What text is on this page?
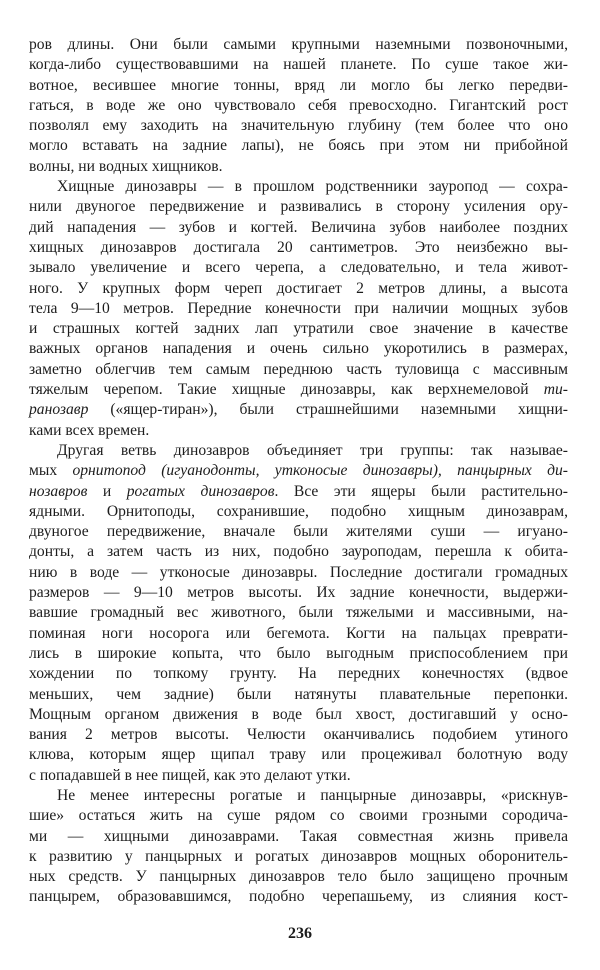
ров длины. Они были самыми крупными наземными позвоночными,
когда-либо существовавшими на нашей планете. По суше такое жи-
вотное, весившее многие тонны, вряд ли могло бы легко передви-
гаться, в воде же оно чувствовало себя превосходно. Гигантский рост
позволял ему заходить на значительную глубину (тем более что оно
могло вставать на задние лапы), не боясь при этом ни прибойной
волны, ни водных хищников.
Хищные динозавры — в прошлом родственники зауропод — сохра-
нили двуногое передвижение и развивались в сторону усиления ору-
дий нападения — зубов и когтей. Величина зубов наиболее поздних
хищных динозавров достигала 20 сантиметров. Это неизбежно вы-
зывало увеличение и всего черепа, а следовательно, и тела живот-
ного. У крупных форм череп достигает 2 метров длины, а высота
тела 9—10 метров. Передние конечности при наличии мощных зубов
и страшных когтей задних лап утратили свое значение в качестве
важных органов нападения и очень сильно укоротились в размерах,
заметно облегчив тем самым переднюю часть туловища с массивным
тяжелым черепом. Такие хищные динозавры, как верхнемеловой ти-
ранозавр («ящер-тиран»), были страшнейшими наземными хищни-
ками всех времен.
Другая ветвь динозавров объединяет три группы: так называе-
мых орнитопод (игуанодонты, утконосые динозавры), панцырных ди-
нозавров и рогатых динозавров. Все эти ящеры были растительно-
ядными. Орнитоподы, сохранившие, подобно хищным динозаврам,
двуногое передвижение, вначале были жителями суши — игуано-
донты, а затем часть из них, подобно зауроподам, перешла к обита-
нию в воде — утконосые динозавры. Последние достигали громадных
размеров — 9—10 метров высоты. Их задние конечности, выдержи-
вавшие громадный вес животного, были тяжелыми и массивными, на-
поминая ноги носорога или бегемота. Когти на пальцах преврати-
лись в широкие копыта, что было выгодным приспособлением при
хождении по топкому грунту. На передних конечностях (вдвое
меньших, чем задние) были натянуты плавательные перепонки.
Мощным органом движения в воде был хвост, достигавший у осно-
вания 2 метров высоты. Челюсти оканчивались подобием утиного
клюва, которым ящер щипал траву или процеживал болотную воду
с попадавшей в нее пищей, как это делают утки.
Не менее интересны рогатые и панцырные динозавры, «рискнув-
шие» остаться жить на суше рядом со своими грозными сородича-
ми — хищными динозаврами. Такая совместная жизнь привела
к развитию у панцырных и рогатых динозавров мощных оборонитель-
ных средств. У панцырных динозавров тело было защищено прочным
панцырем, образовавшимся, подобно черепашьему, из слияния кост-
236
